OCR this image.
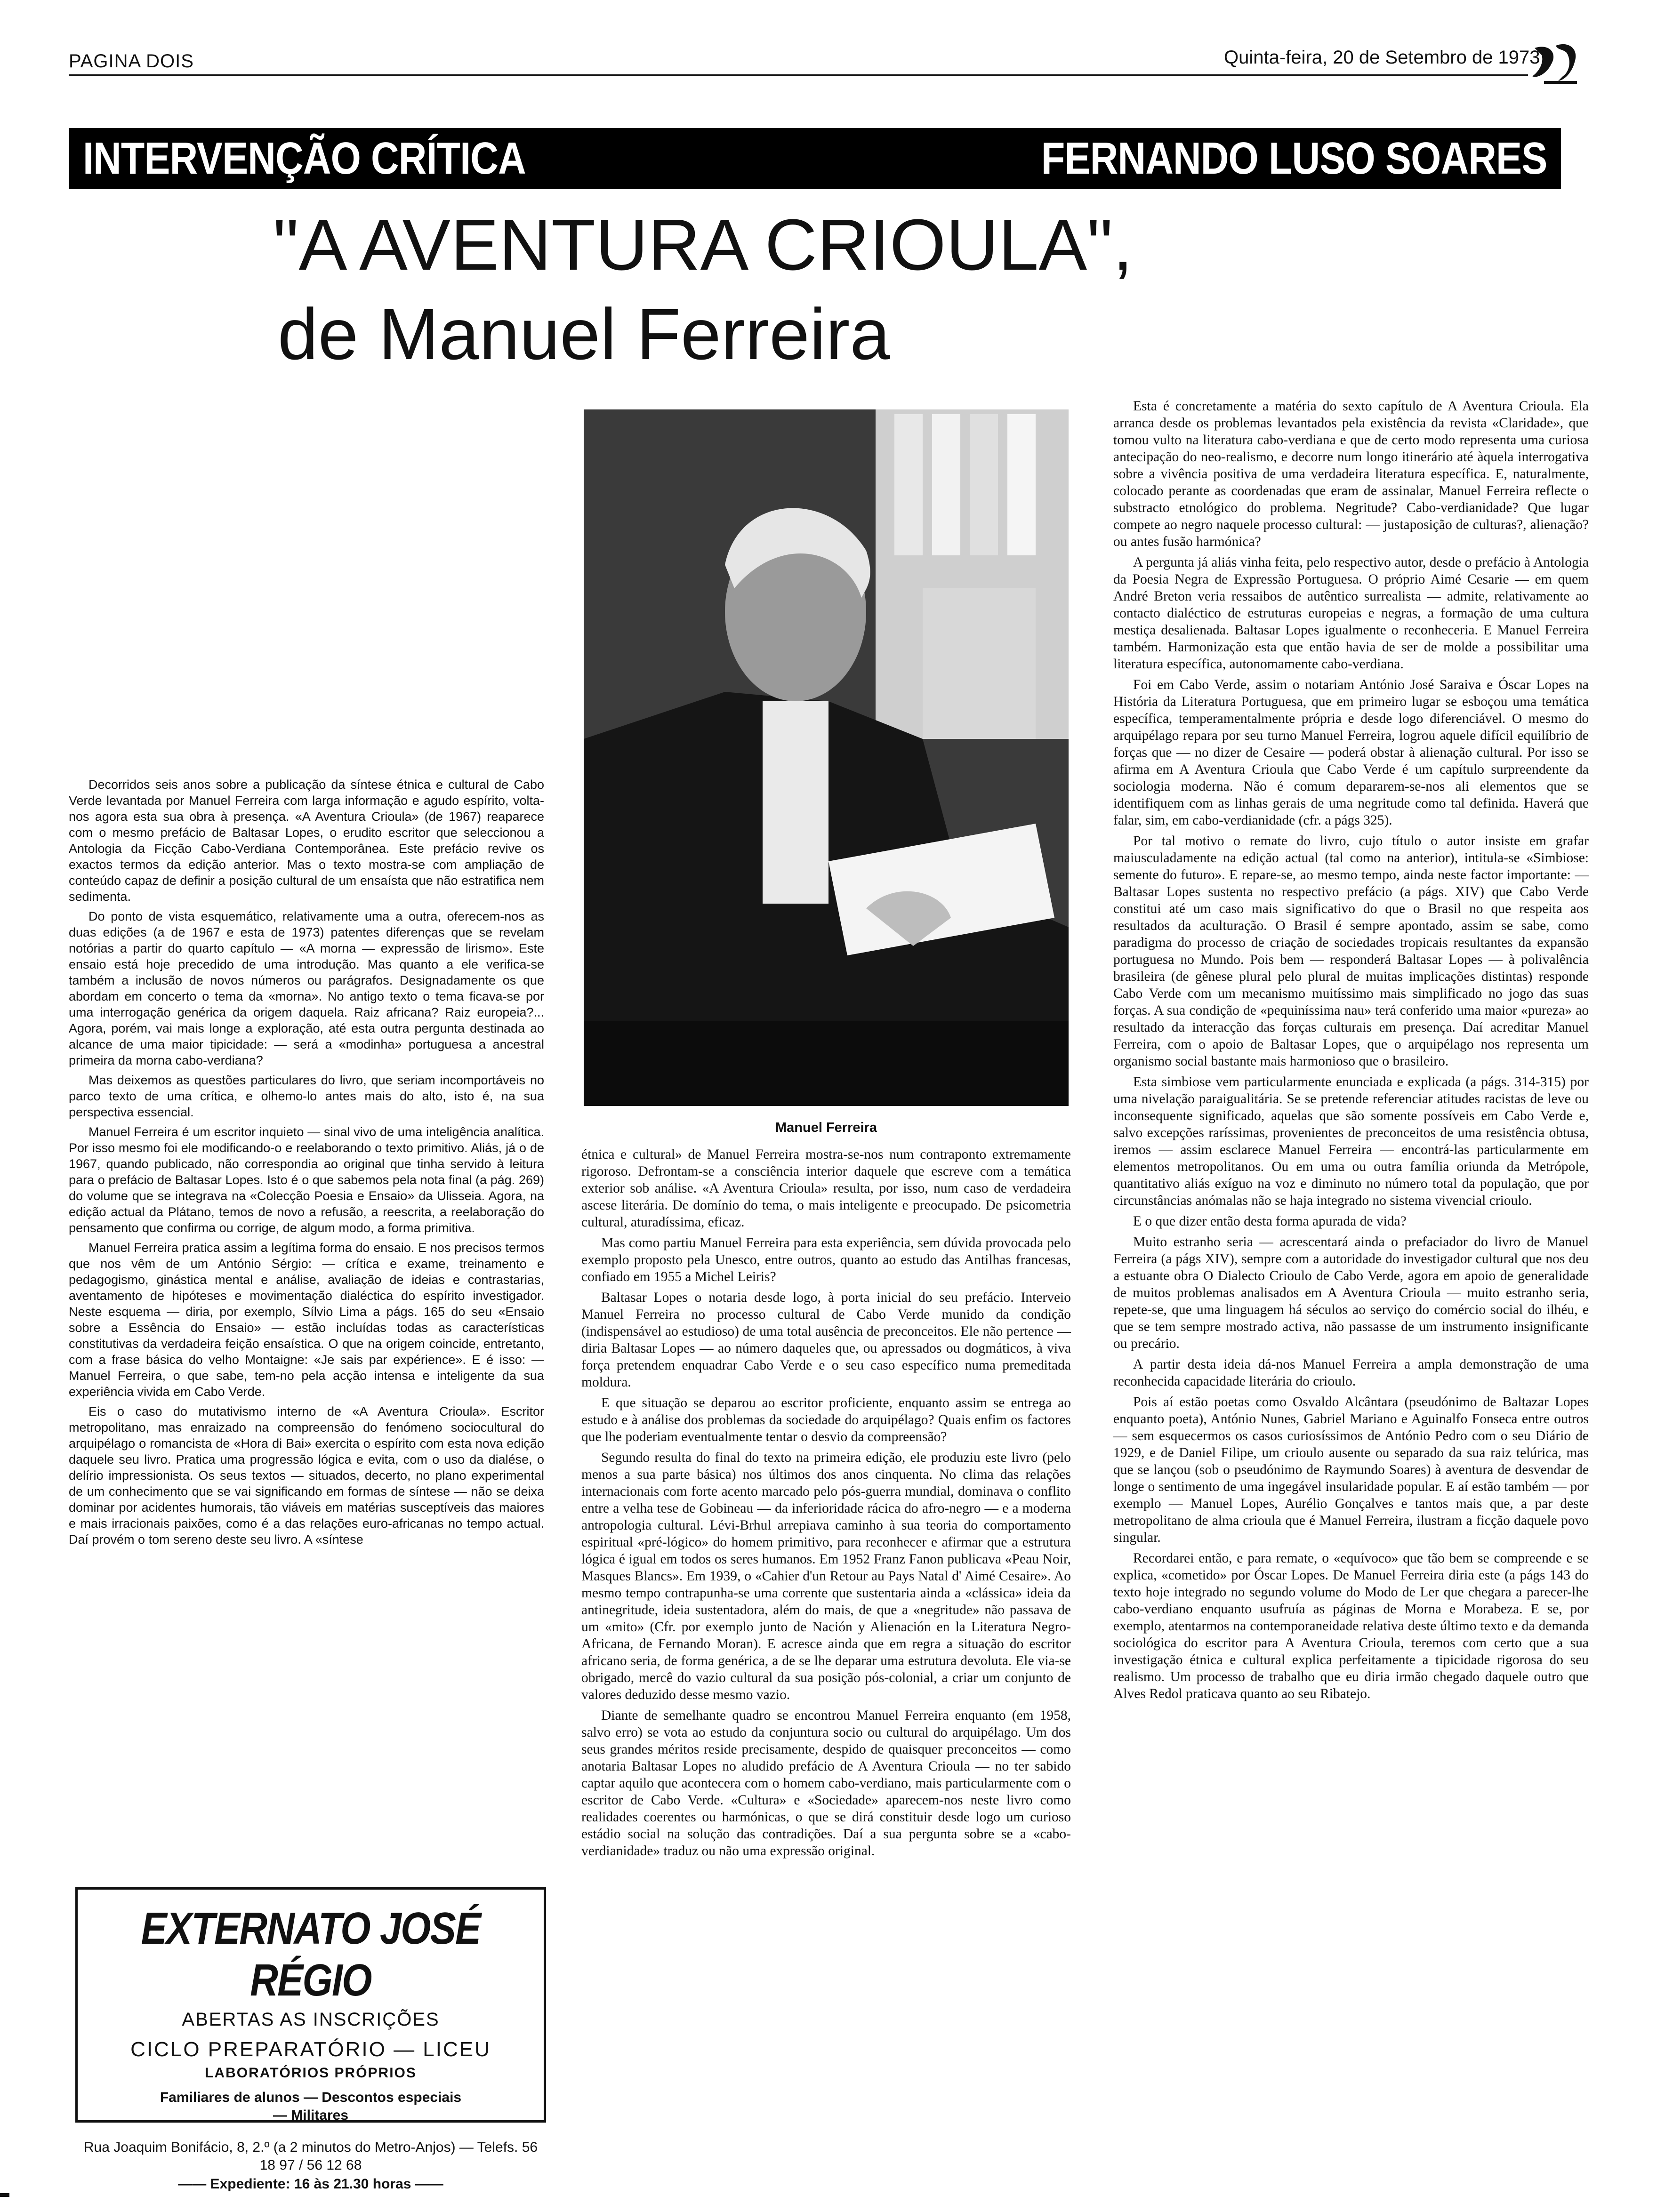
PAGINA DOIS	Quinta-feira, 20 de Setembro de 1973
INTERVENÇÃO CRÍTICA	FERNANDO LUSO SOARES
"A AVENTURA CRIOULA",
de Manuel Ferreira

Decorridos seis anos sobre a publicação da síntese étnica e cultural de Cabo Verde levantada por Manuel Ferreira com larga informação e agudo espírito, volta-nos agora esta sua obra à presença. «A Aventura Crioula» (de 1967) reaparece com o mesmo prefácio de Baltasar Lopes, o erudito escritor que seleccionou a Antologia da Ficção Cabo-Verdiana Contemporânea. Este prefácio revive os exactos termos da edição anterior. Mas o texto mostra-se com ampliação de conteúdo capaz de definir a posição cultural de um ensaísta que não estratifica nem sedimenta.

Do ponto de vista esquemático, relativamente uma a outra, oferecem-nos as duas edições (a de 1967 e esta de 1973) patentes diferenças que se revelam notórias a partir do quarto capítulo — «A morna — expressão de lirismo». Este ensaio está hoje precedido de uma introdução. Mas quanto a ele verifica-se também a inclusão de novos números ou parágrafos. Designadamente os que abordam em concerto o tema da «morna». No antigo texto o tema ficava-se por uma interrogação genérica da origem daquela. Raiz africana? Raiz europeia?... Agora, porém, vai mais longe a exploração, até esta outra pergunta destinada ao alcance de uma maior tipicidade: — será a «modinha» portuguesa a ancestral primeira da morna cabo-verdiana?

Mas deixemos as questões particulares do livro, que seriam incomportáveis no parco texto de uma crítica, e olhemo-lo antes mais do alto, isto é, na sua perspectiva essencial.

Manuel Ferreira é um escritor inquieto — sinal vivo de uma inteligência analítica. Por isso mesmo foi ele modificando-o e reelaborando o texto primitivo. Aliás, já o de 1967, quando publicado, não correspondia ao original que tinha servido à leitura para o prefácio de Baltasar Lopes. Isto é o que sabemos pela nota final (a pág. 269) do volume que se integrava na «Colecção Poesia e Ensaio» da Ulisseia. Agora, na edição actual da Plátano, temos de novo a refusão, a reescrita, a reelaboração do pensamento que confirma ou corrige, de algum modo, a forma primitiva.

Manuel Ferreira pratica assim a legítima forma do ensaio. E nos precisos termos que nos vêm de um António Sérgio: — crítica e exame, treinamento e pedagogismo, ginástica mental e análise, avaliação de ideias e contrastarias, aventamento de hipóteses e movimentação dialéctica do espírito investigador. Neste esquema — diria, por exemplo, Sílvio Lima a págs. 165 do seu «Ensaio sobre a Essência do Ensaio» — estão incluídas todas as características constitutivas da verdadeira feição ensaística. O que na origem coincide, entretanto, com a frase básica do velho Montaigne: «Je sais par expérience». E é isso: — Manuel Ferreira, o que sabe, tem-no pela acção intensa e inteligente da sua experiência vivida em Cabo Verde.

Eis o caso do mutativismo interno de «A Aventura Crioula». Escritor metropolitano, mas enraizado na compreensão do fenómeno sociocultural do arquipélago o romancista de «Hora di Bai» exercita o espírito com esta nova edição daquele seu livro. Pratica uma progressão lógica e evita, com o uso da dialése, o delírio impressionista. Os seus textos — situados, decerto, no plano experimental de um conhecimento que se vai significando em formas de síntese — não se deixa dominar por acidentes humorais, tão viáveis em matérias susceptíveis das maiores e mais irracionais paixões, como é a das relações euro-africanas no tempo actual. Daí provém o tom sereno deste seu livro. A «síntese

Manuel Ferreira

étnica e cultural» de Manuel Ferreira mostra-se-nos num contraponto extremamente rigoroso. Defrontam-se a consciência interior daquele que escreve com a temática exterior sob análise. «A Aventura Crioula» resulta, por isso, num caso de verdadeira ascese literária. De domínio do tema, o mais inteligente e preocupado. De psicometria cultural, aturadíssima, eficaz.

Mas como partiu Manuel Ferreira para esta experiência, sem dúvida provocada pelo exemplo proposto pela Unesco, entre outros, quanto ao estudo das Antilhas francesas, confiado em 1955 a Michel Leiris?

Baltasar Lopes o notaria desde logo, à porta inicial do seu prefácio. Interveio Manuel Ferreira no processo cultural de Cabo Verde munido da condição (indispensável ao estudioso) de uma total ausência de preconceitos. Ele não pertence — diria Baltasar Lopes — ao número daqueles que, ou apressados ou dogmáticos, à viva força pretendem enquadrar Cabo Verde e o seu caso específico numa premeditada moldura.

E que situação se deparou ao escritor proficiente, enquanto assim se entrega ao estudo e à análise dos problemas da sociedade do arquipélago? Quais enfim os factores que lhe poderiam eventualmente tentar o desvio da compreensão?

Segundo resulta do final do texto na primeira edição, ele produziu este livro (pelo menos a sua parte básica) nos últimos dos anos cinquenta. No clima das relações internacionais com forte acento marcado pelo pós-guerra mundial, dominava o conflito entre a velha tese de Gobineau — da inferioridade rácica do afro-negro — e a moderna antropologia cultural. Lévi-Brhul arrepiava caminho à sua teoria do comportamento espiritual «pré-lógico» do homem primitivo, para reconhecer e afirmar que a estrutura lógica é igual em todos os seres humanos. Em 1952 Franz Fanon publicava «Peau Noir, Masques Blancs». Em 1939, o «Cahier d'un Retour au Pays Natal d' Aimé Cesaire». Ao mesmo tempo contrapunha-se uma corrente que sustentaria ainda a «clássica» ideia da antinegritude, ideia sustentadora, além do mais, de que a «negritude» não passava de um «mito» (Cfr. por exemplo junto de Nación y Alienación en la Literatura Negro-Africana, de Fernando Moran). E acresce ainda que em regra a situação do escritor africano seria, de forma genérica, a de se lhe deparar uma estrutura devoluta. Ele via-se obrigado, mercê do vazio cultural da sua posição pós-colonial, a criar um conjunto de valores deduzido desse mesmo vazio.

Diante de semelhante quadro se encontrou Manuel Ferreira enquanto (em 1958, salvo erro) se vota ao estudo da conjuntura socio ou cultural do arquipélago. Um dos seus grandes méritos reside precisamente, despido de quaisquer preconceitos — como anotaria Baltasar Lopes no aludido prefácio de A Aventura Crioula — no ter sabido captar aquilo que acontecera com o homem cabo-verdiano, mais particularmente com o escritor de Cabo Verde. «Cultura» e «Sociedade» aparecem-nos neste livro como realidades coerentes ou harmónicas, o que se dirá constituir desde logo um curioso estádio social na solução das contradições. Daí a sua pergunta sobre se a «cabo-verdianidade» traduz ou não uma expressão original.

Esta é concretamente a matéria do sexto capítulo de A Aventura Crioula. Ela arranca desde os problemas levantados pela existência da revista «Claridade», que tomou vulto na literatura cabo-verdiana e que de certo modo representa uma curiosa antecipação do neo-realismo, e decorre num longo itinerário até àquela interrogativa sobre a vivência positiva de uma verdadeira literatura específica. E, naturalmente, colocado perante as coordenadas que eram de assinalar, Manuel Ferreira reflecte o substracto etnológico do problema. Negritude? Cabo-verdianidade? Que lugar compete ao negro naquele processo cultural: — justaposição de culturas?, alienação? ou antes fusão harmónica?

A pergunta já aliás vinha feita, pelo respectivo autor, desde o prefácio à Antologia da Poesia Negra de Expressão Portuguesa. O próprio Aimé Cesarie — em quem André Breton veria ressaibos de autêntico surrealista — admite, relativamente ao contacto dialéctico de estruturas europeias e negras, a formação de uma cultura mestiça desalienada. Baltasar Lopes igualmente o reconheceria. E Manuel Ferreira também. Harmonização esta que então havia de ser de molde a possibilitar uma literatura específica, autonomamente cabo-verdiana.

Foi em Cabo Verde, assim o notariam António José Saraiva e Óscar Lopes na História da Literatura Portuguesa, que em primeiro lugar se esboçou uma temática específica, temperamentalmente própria e desde logo diferenciável. O mesmo do arquipélago repara por seu turno Manuel Ferreira, logrou aquele difícil equilíbrio de forças que — no dizer de Cesaire — poderá obstar à alienação cultural. Por isso se afirma em A Aventura Crioula que Cabo Verde é um capítulo surpreendente da sociologia moderna. Não é comum depararem-se-nos ali elementos que se identifiquem com as linhas gerais de uma negritude como tal definida. Haverá que falar, sim, em cabo-verdianidade (cfr. a págs 325).

Por tal motivo o remate do livro, cujo título o autor insiste em grafar maiusculadamente na edição actual (tal como na anterior), intitula-se «Simbiose: semente do futuro». E repare-se, ao mesmo tempo, ainda neste factor importante: — Baltasar Lopes sustenta no respectivo prefácio (a págs. XIV) que Cabo Verde constitui até um caso mais significativo do que o Brasil no que respeita aos resultados da aculturação. O Brasil é sempre apontado, assim se sabe, como paradigma do processo de criação de sociedades tropicais resultantes da expansão portuguesa no Mundo. Pois bem — responderá Baltasar Lopes — à polivalência brasileira (de gênese plural pelo plural de muitas implicações distintas) responde Cabo Verde com um mecanismo muitíssimo mais simplificado no jogo das suas forças. A sua condição de «pequiníssima nau» terá conferido uma maior «pureza» ao resultado da interacção das forças culturais em presença. Daí acreditar Manuel Ferreira, com o apoio de Baltasar Lopes, que o arquipélago nos representa um organismo social bastante mais harmonioso que o brasileiro.

Esta simbiose vem particularmente enunciada e explicada (a págs. 314-315) por uma nivelação paraigualitária. Se se pretende referenciar atitudes racistas de leve ou inconsequente significado, aquelas que são somente possíveis em Cabo Verde e, salvo excepções raríssimas, provenientes de preconceitos de uma resistência obtusa, iremos — assim esclarece Manuel Ferreira — encontrá-las particularmente em elementos metropolitanos. Ou em uma ou outra família oriunda da Metrópole, quantitativo aliás exíguo na voz e diminuto no número total da população, que por circunstâncias anómalas não se haja integrado no sistema vivencial crioulo.

E o que dizer então desta forma apurada de vida?

Muito estranho seria — acrescentará ainda o prefaciador do livro de Manuel Ferreira (a págs XIV), sempre com a autoridade do investigador cultural que nos deu a estuante obra O Dialecto Crioulo de Cabo Verde, agora em apoio de generalidade de muitos problemas analisados em A Aventura Crioula — muito estranho seria, repete-se, que uma linguagem há séculos ao serviço do comércio social do ilhéu, e que se tem sempre mostrado activa, não passasse de um instrumento insignificante ou precário.

A partir desta ideia dá-nos Manuel Ferreira a ampla demonstração de uma reconhecida capacidade literária do crioulo.

Pois aí estão poetas como Osvaldo Alcântara (pseudónimo de Baltazar Lopes enquanto poeta), António Nunes, Gabriel Mariano e Aguinalfo Fonseca entre outros — sem esquecermos os casos curiosíssimos de António Pedro com o seu Diário de 1929, e de Daniel Filipe, um crioulo ausente ou separado da sua raiz telúrica, mas que se lançou (sob o pseudónimo de Raymundo Soares) à aventura de desvendar de longe o sentimento de uma ingegável insularidade popular. E aí estão também — por exemplo — Manuel Lopes, Aurélio Gonçalves e tantos mais que, a par deste metropolitano de alma crioula que é Manuel Ferreira, ilustram a ficção daquele povo singular.

Recordarei então, e para remate, o «equívoco» que tão bem se compreende e se explica, «cometido» por Óscar Lopes. De Manuel Ferreira diria este (a págs 143 do texto hoje integrado no segundo volume do Modo de Ler que chegara a parecer-lhe cabo-verdiano enquanto usufruía as páginas de Morna e Morabeza. E se, por exemplo, atentarmos na contemporaneidade relativa deste último texto e da demanda sociológica do escritor para A Aventura Crioula, teremos com certo que a sua investigação étnica e cultural explica perfeitamente a tipicidade rigorosa do seu realismo. Um processo de trabalho que eu diria irmão chegado daquele outro que Alves Redol praticava quanto ao seu Ribatejo.

EXTERNATO JOSÉ RÉGIO
ABERTAS AS INSCRIÇÕES
CICLO PREPARATÓRIO — LICEU
LABORATÓRIOS PRÓPRIOS
Familiares de alunos — Descontos especiais
— Militares
Rua Joaquim Bonifácio, 8, 2.º (a 2 minutos do Metro-Anjos) — Telefs. 56 18 97 / 56 12 68
—— Expediente: 16 às 21.30 horas ——
